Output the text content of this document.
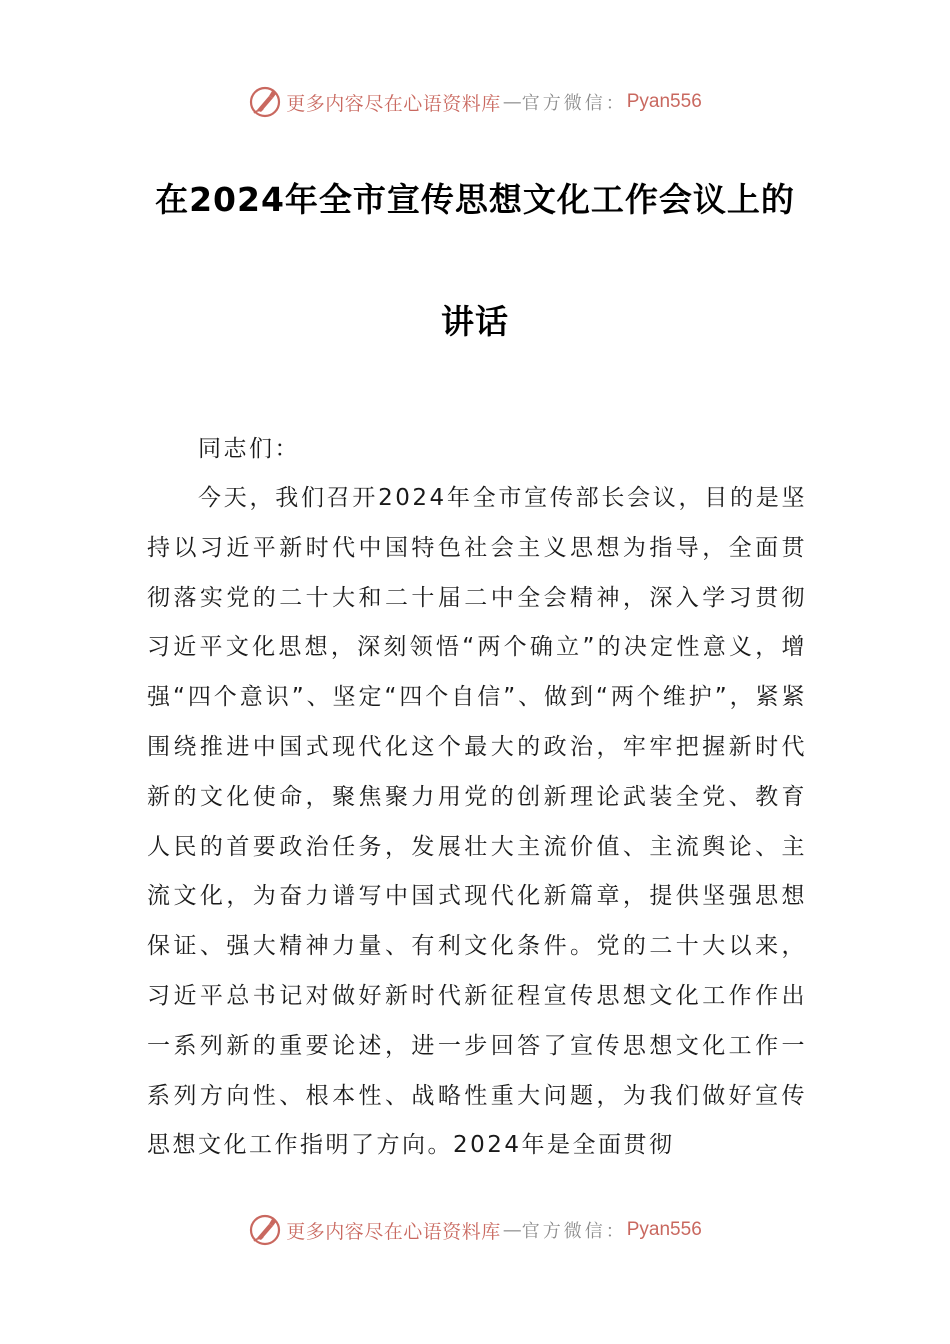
更多内容尽在心语资料库 — 官方微信： Pyan556
在2024年全市宣传思想文化工作会议上的
讲话

同志们：

今天，我们召开2024年全市宣传部长会议，目的是坚持以习近平新时代中国特色社会主义思想为指导，全面贯彻落实党的二十大和二十届二中全会精神，深入学习贯彻习近平文化思想，深刻领悟“两个确立”的决定性意义，增强“四个意识”、坚定“四个自信”、做到“两个维护”，紧紧围绕推进中国式现代化这个最大的政治，牢牢把握新时代新的文化使命，聚焦聚力用党的创新理论武装全党、教育人民的首要政治任务，发展壮大主流价值、主流舆论、主流文化，为奋力谱写中国式现代化新篇章，提供坚强思想保证、强大精神力量、有利文化条件。党的二十大以来，习近平总书记对做好新时代新征程宣传思想文化工作作出一系列新的重要论述，进一步回答了宣传思想文化工作一系列方向性、根本性、战略性重大问题，为我们做好宣传思想文化工作指明了方向。2024年是全面贯彻

更多内容尽在心语资料库 — 官方微信： Pyan556
